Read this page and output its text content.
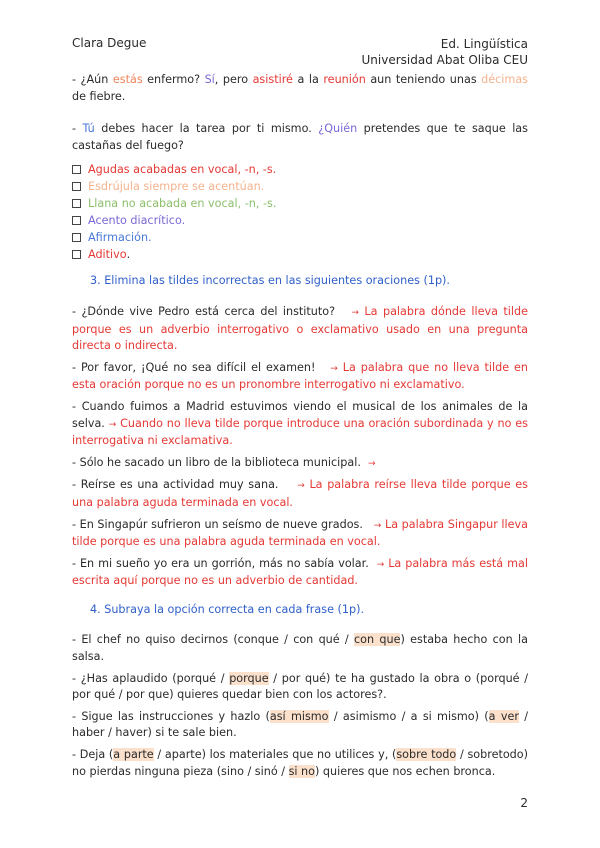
Clara Degue	Ed. Lingüística
Universidad Abat Oliba CEU

- ¿Aún estás enfermo? Sí, pero asistiré a la reunión aun teniendo unas décimas de fiebre.

- Tú debes hacer la tarea por ti mismo. ¿Quién pretendes que te saque las castañas del fuego?

Agudas acabadas en vocal, -n, -s.
Esdrújula siempre se acentúan.
Llana no acabada en vocal, -n, -s.
Acento diacrítico.
Afirmación.
Aditivo .

3. Elimina las tildes incorrectas en las siguientes oraciones (1p).

- ¿Dónde vive Pedro está cerca del instituto? → La palabra dónde lleva tilde porque es un adverbio interrogativo o exclamativo usado en una pregunta directa o indirecta.

- Por favor, ¡Qué no sea difícil el examen! → La palabra que no lleva tilde en esta oración porque no es un pronombre interrogativo ni exclamativo.

- Cuando fuimos a Madrid estuvimos viendo el musical de los animales de la selva. → Cuando no lleva tilde porque introduce una oración subordinada y no es interrogativa ni exclamativa.

- Sólo he sacado un libro de la biblioteca municipal. →

- Reírse es una actividad muy sana. → La palabra reírse lleva tilde porque es una palabra aguda terminada en vocal.

- En Singapúr sufrieron un seísmo de nueve grados. → La palabra Singapur lleva tilde porque es una palabra aguda terminada en vocal.

- En mi sueño yo era un gorrión, más no sabía volar. → La palabra más está mal escrita aquí porque no es un adverbio de cantidad.

4. Subraya la opción correcta en cada frase (1p).

- El chef no quiso decirnos (conque / con qué / con que) estaba hecho con la salsa.

- ¿Has aplaudido (porqué / porque / por qué) te ha gustado la obra o (porqué / por qué / por que) quieres quedar bien con los actores?.

- Sigue las instrucciones y hazlo (así mismo / asimismo / a si mismo) (a ver / haber / haver) si te sale bien.

- Deja (a parte / aparte) los materiales que no utilices y, (sobre todo / sobretodo) no pierdas ninguna pieza (sino / sinó / si no) quieres que nos echen bronca.

2
